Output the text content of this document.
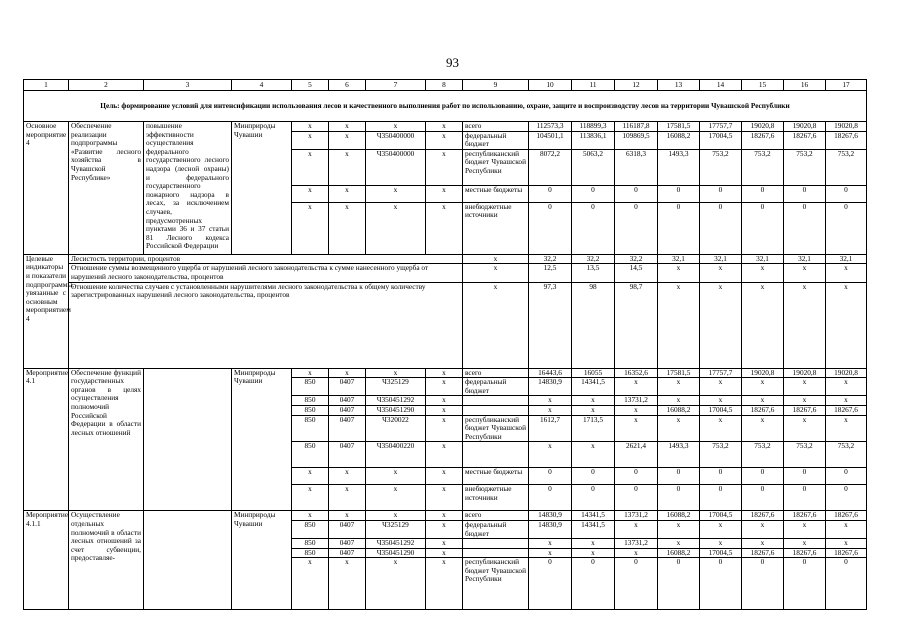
93
1	2	3	4	5	6	7	8	9	10	11	12	13	14	15	16	17
Цель: формирование условий для интенсификации использования лесов и качественного выполнения работ по использованию, охране, защите и воспроизводству лесов на территории Чувашской Республики																
Основное мероприятие 4	Обеспечение реализации подпрограммы «Развитие лесного хозяйства в Чувашской Республике»	повышение эффективности осуществления федерального государственного лесного надзора (лесной охраны) и федерального государственного пожарного надзора в лесах, за исключением случаев, предусмотренных пунктами 36 и 37 статьи 81 Лесного кодекса Российской Федерации	Минприроды Чувашии	x	x	x	x	всего	112573,3	118899,3	116187,8	17581,5	17757,7	19020,8	19020,8	19020,8
				x	x	Ч350400000	x	федеральный бюджет	104501,1	113836,1	109869,5	16088,2	17004,5	18267,6	18267,6	18267,6
				x	x	Ч350400000	x	республиканский бюджет Чувашской Республики	8072,2	5063,2	6318,3	1493,3	753,2	753,2	753,2	753,2
				x	x	x	x	местные бюджеты	0	0	0	0	0	0	0	0
				x	x	x	x	внебюджетные источники	0	0	0	0	0	0	0	0
Целевые индикаторы и показатели подпрограммы, увязанные с основным мероприятием 4	Лесистость территории, процентов							x	32,2	32,2	32,2	32,1	32,1	32,1	32,1	32,1
	Отношение суммы возмещенного ущерба от нарушений лесного законодательства к сумме нанесенного ущерба от нарушений лесного законодательства, процентов							x	12,5	13,5	14,5	x	x	x	x	x
	Отношение количества случаев с установленными нарушителями лесного законодательства к общему количеству зарегистрированных нарушений лесного законодательства, процентов							x	97,3	98	98,7	x	x	x	x	x
Мероприятие 4.1	Обеспечение функций государственных органов в целях осуществления полномочий Российской Федерации в области лесных отношений		Минприроды Чувашии	x	x	x	x	всего	16443,6	16055	16352,6	17581,5	17757,7	19020,8	19020,8	19020,8
				850	0407	Ч325129	x	федеральный бюджет	14830,9	14341,5	x	x	x	x	x	x
				850	0407	Ч350451292	x		x	x	13731,2	x	x	x	x	x
				850	0407	Ч350451290	x		x	x	x	16088,2	17004,5	18267,6	18267,6	18267,6
				850	0407	Ч320022	x	республиканский бюджет Чувашской Республики	1612,7	1713,5	x	x	x	x	x	x
				850	0407	Ч350400220	x		x	x	2621,4	1493,3	753,2	753,2	753,2	753,2
				x	x	x	x	местные бюджеты	0	0	0	0	0	0	0	0
				x	x	x	x	внебюджетные источники	0	0	0	0	0	0	0	0
Мероприятие 4.1.1	Осуществление отдельных полномочий в области лесных отношений за счет субвенции, предоставляе-		Минприроды Чувашии	x	x	x	x	всего	14830,9	14341,5	13731,2	16088,2	17004,5	18267,6	18267,6	18267,6
				850	0407	Ч325129	x	федеральный бюджет	14830,9	14341,5	x	x	x	x	x	x
				850	0407	Ч350451292	x		x	x	13731,2	x	x	x	x	x
				850	0407	Ч350451290	x		x	x	x	16088,2	17004,5	18267,6	18267,6	18267,6
				x	x	x	x	республиканский бюджет Чувашской Республики	0	0	0	0	0	0	0	0
